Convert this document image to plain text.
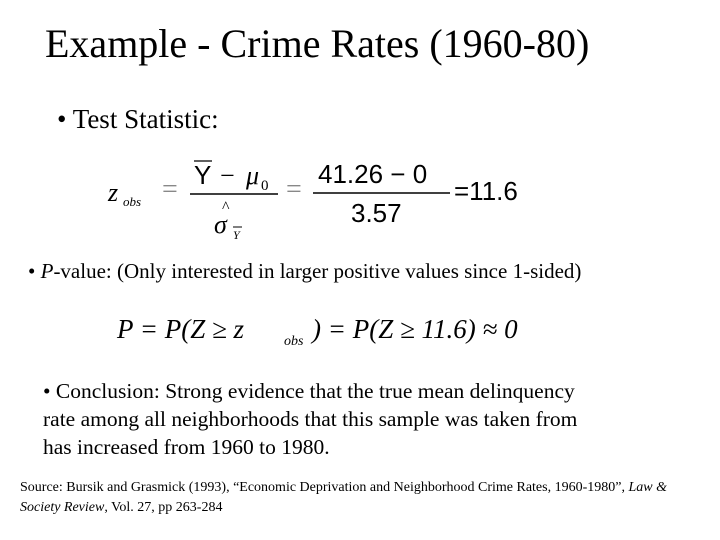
Example - Crime Rates (1960-80)
• Test Statistic:
z obs = Y − μ 0
^
σ Y
= 41.26 − 0
3.57
=11.6
• P-value: (Only interested in larger positive values since 1-sided)
P = P(Z ≥ z	obs ) = P(Z ≥ 11.6) ≈ 0
• Conclusion: Strong evidence that the true mean delinquency
rate among all neighborhoods that this sample was taken from
has increased from 1960 to 1980.
Source: Bursik and Grasmick (1993), “Economic Deprivation and Neighborhood Crime Rates, 1960-1980”, Law & Society Review, Vol. 27, pp 263-284
